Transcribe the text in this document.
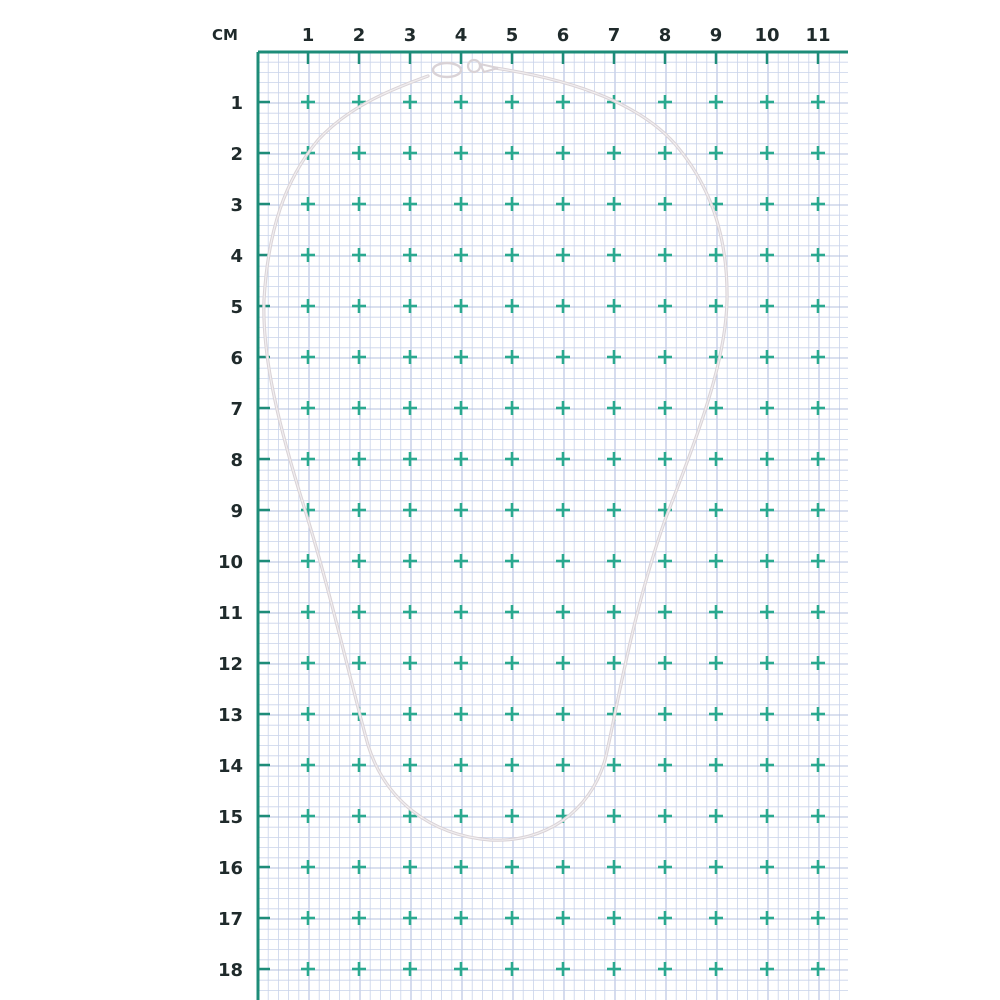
СМ	1 2 3 4 5 6 7 8 9 10 11
1
2
3
4
5
6
7
8
9
10
11
12
13
14
15
16
17
18
